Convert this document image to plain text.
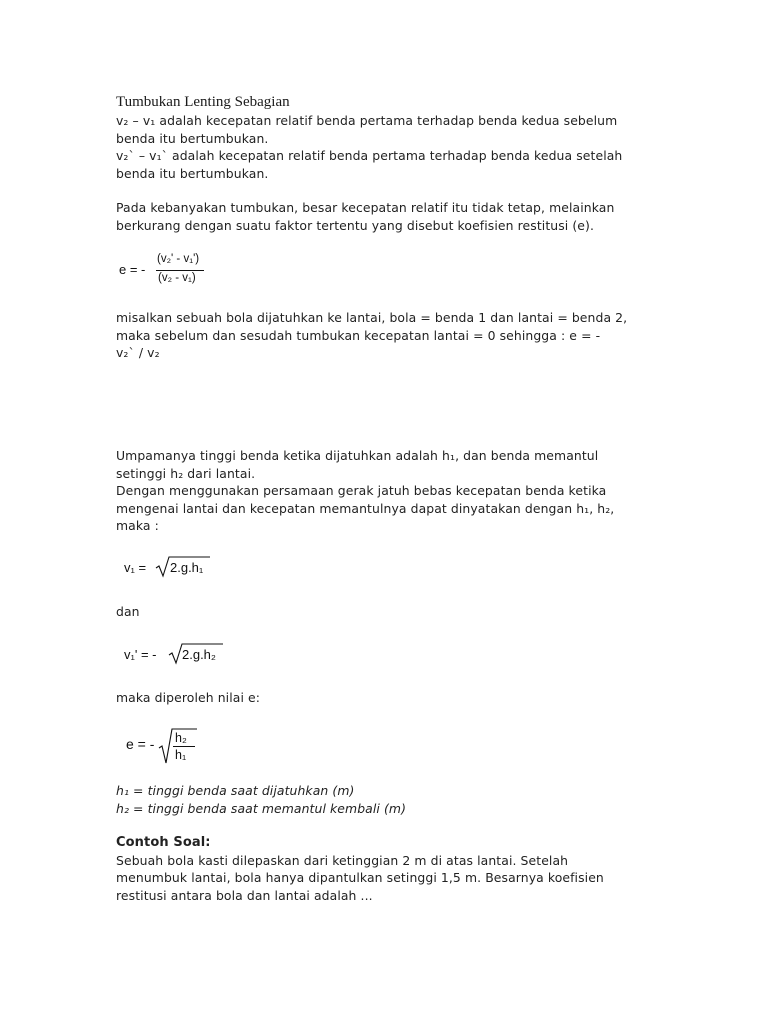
Tumbukan Lenting Sebagian
v₂ – v₁ adalah kecepatan relatif benda pertama terhadap benda kedua sebelum
benda itu bertumbukan.
v₂` – v₁` adalah kecepatan relatif benda pertama terhadap benda kedua setelah
benda itu bertumbukan.
Pada kebanyakan tumbukan, besar kecepatan relatif itu tidak tetap, melainkan
berkurang dengan suatu faktor tertentu yang disebut koefisien restitusi (e).
e = -
(v₂' - v₁')
(v₂ - v₁)
misalkan sebuah bola dijatuhkan ke lantai, bola = benda 1 dan lantai = benda 2,
maka sebelum dan sesudah tumbukan kecepatan lantai = 0 sehingga : e = -
v₂` / v₂
Umpamanya tinggi benda ketika dijatuhkan adalah h₁, dan benda memantul
setinggi h₂ dari lantai.
Dengan menggunakan persamaan gerak jatuh bebas kecepatan benda ketika
mengenai lantai dan kecepatan memantulnya dapat dinyatakan dengan h₁, h₂,
maka :
v₁ = 2.g.h₁
dan
v₁' = - 2.g.h₂
maka diperoleh nilai e:
e = - h₂
h₁
h₁ = tinggi benda saat dijatuhkan (m)
h₂ = tinggi benda saat memantul kembali (m)
Contoh Soal:
Sebuah bola kasti dilepaskan dari ketinggian 2 m di atas lantai. Setelah
menumbuk lantai, bola hanya dipantulkan setinggi 1,5 m. Besarnya koefisien
restitusi antara bola dan lantai adalah ...
